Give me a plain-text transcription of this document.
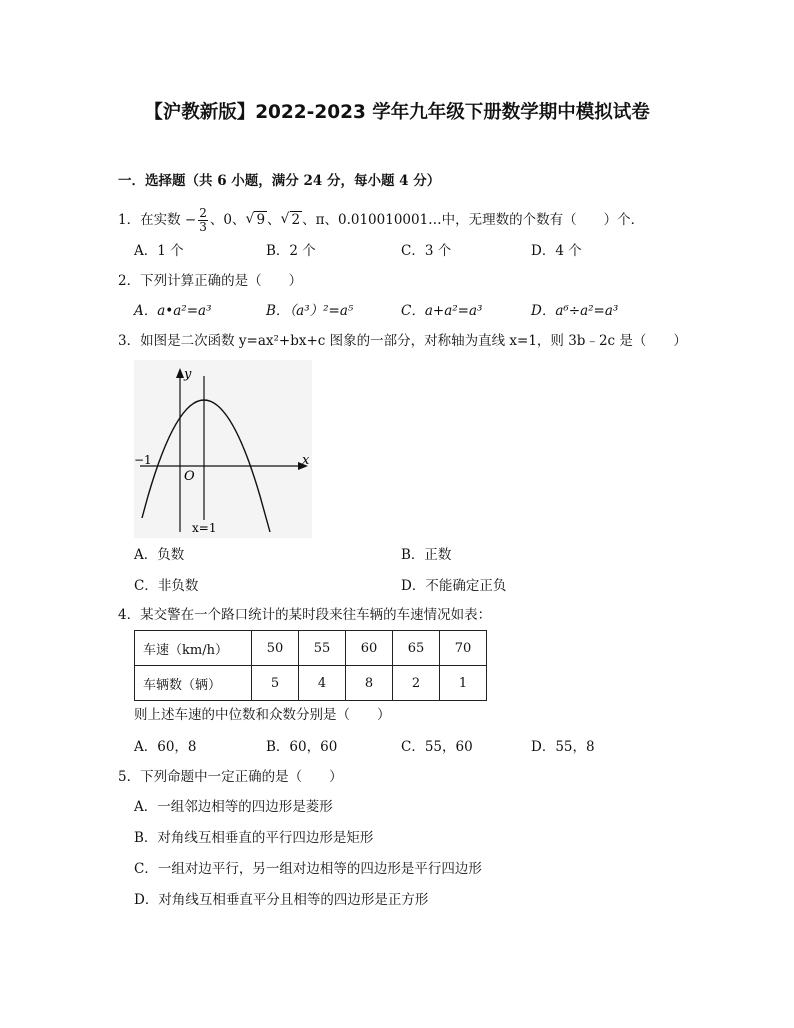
【沪教新版】2022-2023 学年九年级下册数学期中模拟试卷
一．选择题（共 6 小题，满分 24 分，每小题 4 分）
1．在实数 − $\frac{2}{3}$ 、0、 √ 9 、 √ 2 、π、0.010010001…中，无理数的个数有（　　）个．
A．1 个	B．2 个	C．3 个	D．4 个
2．下列计算正确的是（　　）
A．a•a²=a³	B．（a³）²=a⁵	C．a+a²=a³	D．a⁶÷a²=a³
3．如图是二次函数 y=ax²+bx+c 图象的一部分，对称轴为直线 x=1，则 3b﹣2c 是（　　）
y
x
O
−1
x=1
A．负数	B．正数
C．非负数	D．不能确定正负
4．某交警在一个路口统计的某时段来往车辆的车速情况如表：
车速（km/h）	50	55	60	65	70
车辆数（辆）	5	4	8	2	1
则上述车速的中位数和众数分别是（　　）
A．60，8	B．60，60	C．55，60	D．55，8
5．下列命题中一定正确的是（　　）
A．一组邻边相等的四边形是菱形
B．对角线互相垂直的平行四边形是矩形
C．一组对边平行，另一组对边相等的四边形是平行四边形
D．对角线互相垂直平分且相等的四边形是正方形
